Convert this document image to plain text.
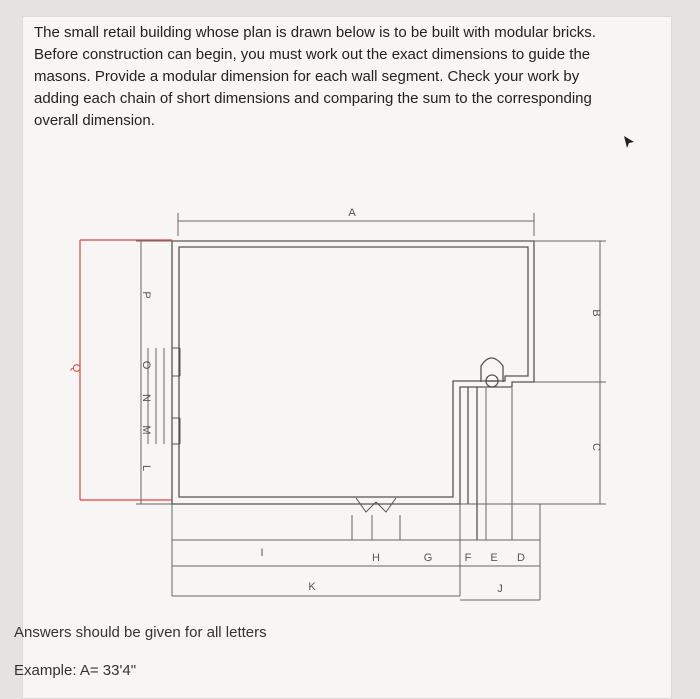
The small retail building whose plan is drawn below is to be built with modular bricks. Before construction can begin, you must work out the exact dimensions to guide the masons. Provide a modular dimension for each wall segment. Check your work by adding each chain of short dimensions and comparing the sum to the corresponding overall dimension.

A
P
O
N
M
L
Q
B
C
I	H	G	F E D
K	J

Answers should be given for all letters

Example: A= 33'4"
